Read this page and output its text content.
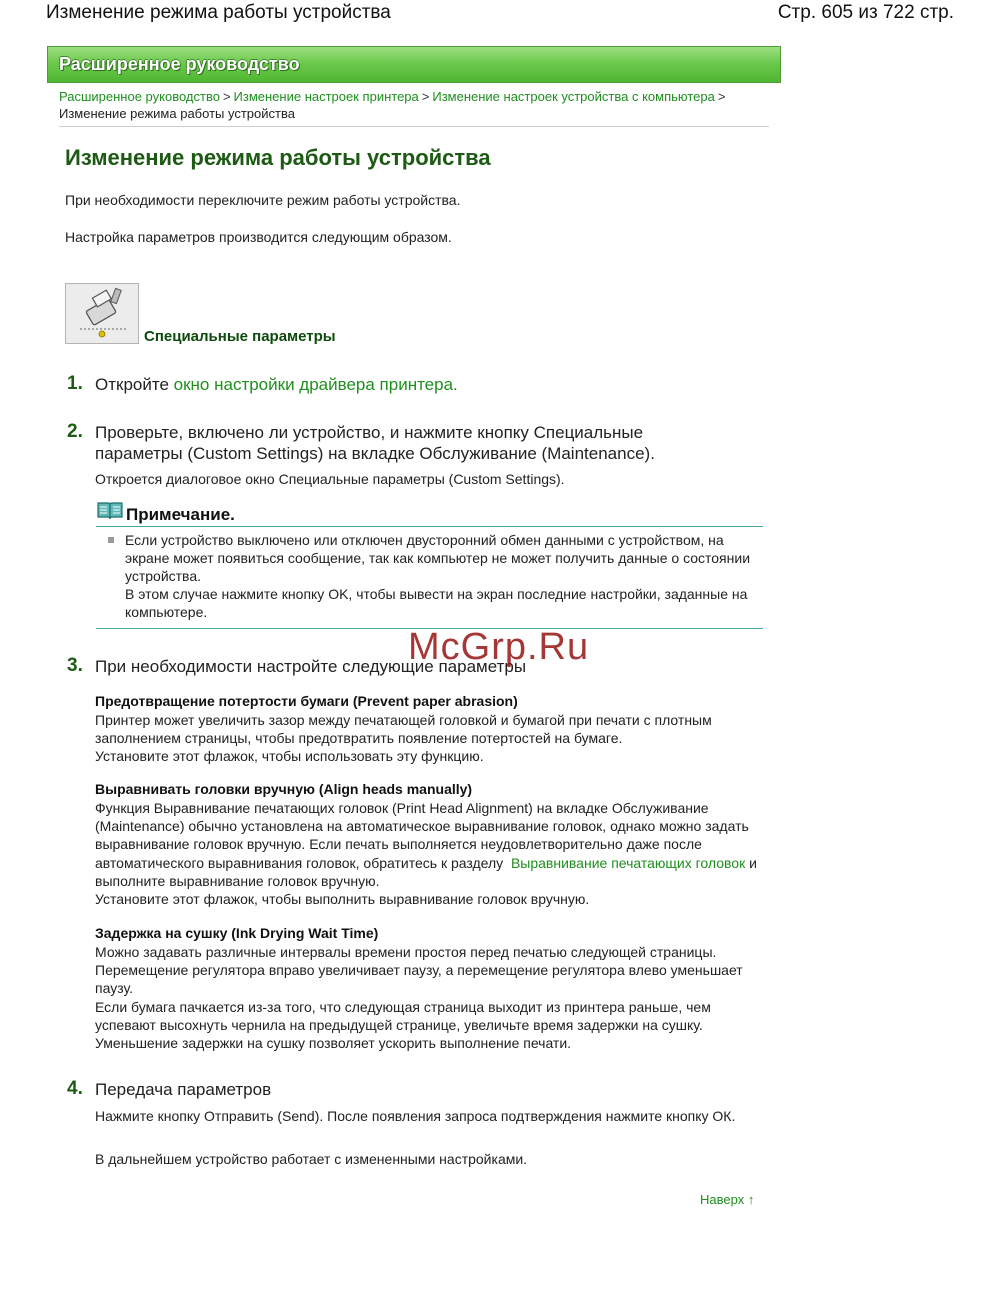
Изменение режима работы устройства	Стр. 605 из 722 стр.
Расширенное руководство
Расширенное руководство > Изменение настроек принтера > Изменение настроек устройства с компьютера >
Изменение режима работы устройства
Изменение режима работы устройства
При необходимости переключите режим работы устройства.
Настройка параметров производится следующим образом.
Специальные параметры
1. Откройте окно настройки драйвера принтера.
2. Проверьте, включено ли устройство, и нажмите кнопку Специальные параметры (Custom Settings) на вкладке Обслуживание (Maintenance).
Откроется диалоговое окно Специальные параметры (Custom Settings).
Примечание.
Если устройство выключено или отключен двусторонний обмен данными с устройством, на экране может появиться сообщение, так как компьютер не может получить данные о состоянии устройства.
В этом случае нажмите кнопку OK, чтобы вывести на экран последние настройки, заданные на компьютере.
3. При необходимости настройте следующие параметры
McGrp.Ru
Предотвращение потертости бумаги (Prevent paper abrasion)
Принтер может увеличить зазор между печатающей головкой и бумагой при печати с плотным заполнением страницы, чтобы предотвратить появление потертостей на бумаге.
Установите этот флажок, чтобы использовать эту функцию.
Выравнивать головки вручную (Align heads manually)
Функция Выравнивание печатающих головок (Print Head Alignment) на вкладке Обслуживание (Maintenance) обычно установлена на автоматическое выравнивание головок, однако можно задать выравнивание головок вручную. Если печать выполняется неудовлетворительно даже после автоматического выравнивания головок, обратитесь к разделу Выравнивание печатающих головок и выполните выравнивание головок вручную.
Установите этот флажок, чтобы выполнить выравнивание головок вручную.
Задержка на сушку (Ink Drying Wait Time)
Можно задавать различные интервалы времени простоя перед печатью следующей страницы. Перемещение регулятора вправо увеличивает паузу, а перемещение регулятора влево уменьшает паузу.
Если бумага пачкается из-за того, что следующая страница выходит из принтера раньше, чем успевают высохнуть чернила на предыдущей странице, увеличьте время задержки на сушку. Уменьшение задержки на сушку позволяет ускорить выполнение печати.
4. Передача параметров
Нажмите кнопку Отправить (Send). После появления запроса подтверждения нажмите кнопку ОК.
В дальнейшем устройство работает с измененными настройками.
Наверх ↑
